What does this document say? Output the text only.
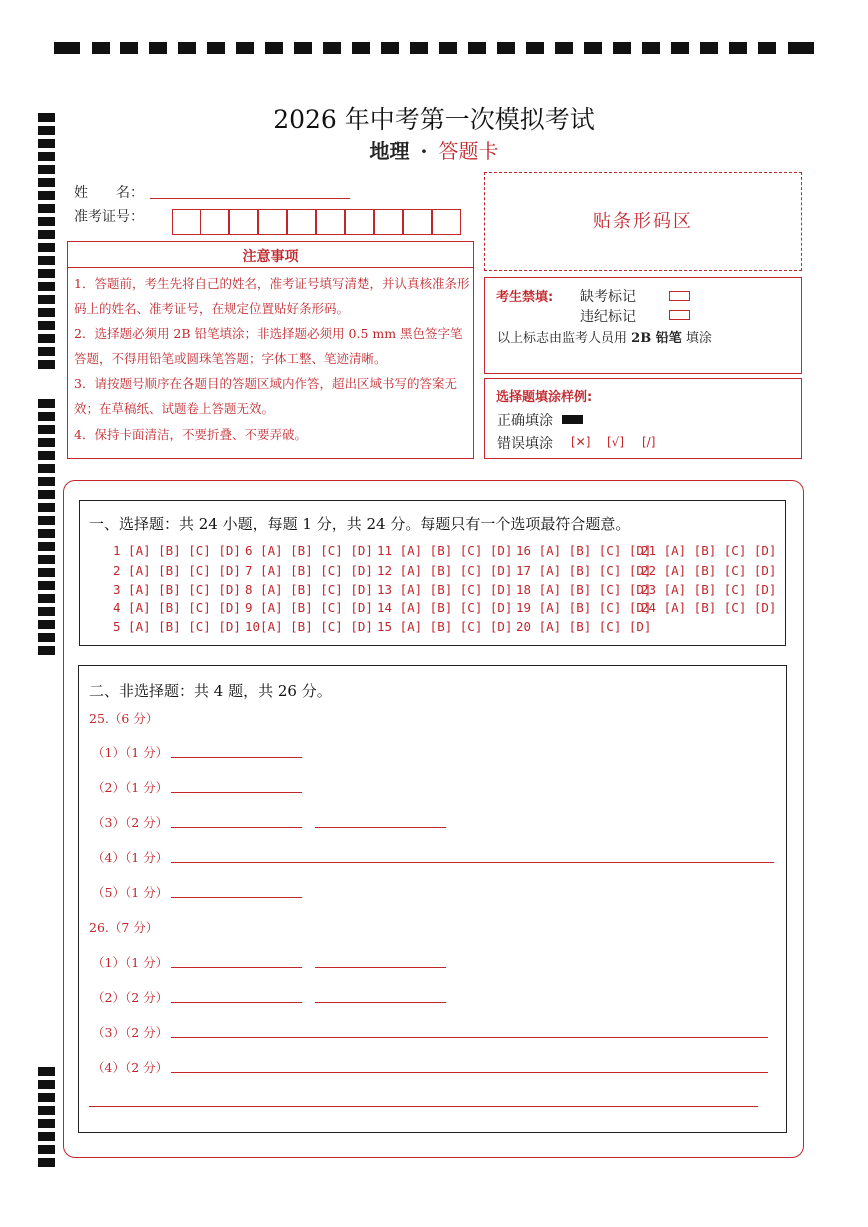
2026 年中考第一次模拟考试
地理 · 答题卡
姓　　名：
准考证号：	贴条形码区
注意事项
1．答题前，考生先将自己的姓名，准考证号填写清楚，并认真核准条形码上的姓名、准考证号，在规定位置贴好条形码。
2．选择题必须用 2B 铅笔填涂；非选择题必须用 0.5 mm 黑色签字笔答题，不得用铅笔或圆珠笔答题；字体工整、笔迹清晰。
3．请按题号顺序在各题目的答题区域内作答，超出区域书写的答案无效；在草稿纸、试题卷上答题无效。
4．保持卡面清洁，不要折叠、不要弄破。
考生禁填: 缺考标记
违纪标记
以上标志由监考人员用 2B 铅笔 填涂
选择题填涂样例:
正确填涂
错误填涂 [✕] [√] [/]
一、选择题：共 24 小题，每题 1 分，共 24 分。每题只有一个选项最符合题意。
1 [A] [B] [C] [D] 6 [A] [B] [C] [D] 11 [A] [B] [C] [D] 16 [A] [B] [C] [D]
21 [A] [B] [C] [D]
2 [A] [B] [C] [D] 7 [A] [B] [C] [D] 12 [A] [B] [C] [D] 17 [A] [B] [C] [D]
22 [A] [B] [C] [D]
3 [A] [B] [C] [D] 8 [A] [B] [C] [D] 13 [A] [B] [C] [D] 18 [A] [B] [C] [D]
23 [A] [B] [C] [D]
4 [A] [B] [C] [D] 9 [A] [B] [C] [D] 14 [A] [B] [C] [D] 19 [A] [B] [C] [D]
24 [A] [B] [C] [D]
5 [A] [B] [C] [D] 10[A] [B] [C] [D] 15 [A] [B] [C] [D] 20 [A] [B] [C] [D]
二、非选择题：共 4 题，共 26 分。
25.（6 分）
（1）（1 分）
（2）（1 分）
（3）（2 分）
（4）（1 分）
（5）（1 分）
26.（7 分）
（1）（1 分）
（2）（2 分）
（3）（2 分）
（4）（2 分）
